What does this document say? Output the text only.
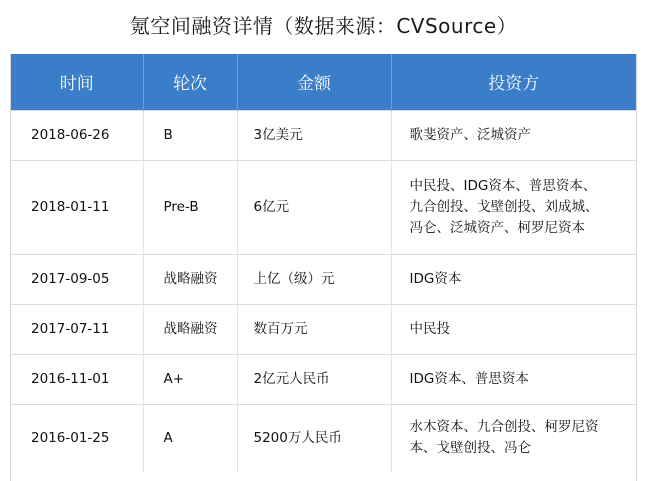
氪空间融资详情（数据来源：CVSource）
时间	轮次	金额	投资方
2018-06-26	B	3亿美元	歌斐资产、泛城资产

2018-01-11	Pre-B	6亿元	中民投、IDG资本、普思资本、
九合创投、戈壁创投、刘成城、
冯仑、泛城资产、柯罗尼资本

2017-09-05	战略融资	上亿（级）元	IDG资本

2017-07-11	战略融资	数百万元	中民投

2016-11-01	A+	2亿元人民币	IDG资本、普思资本

2016-01-25	A	5200万人民币	水木资本、九合创投、柯罗尼资
本、戈壁创投、冯仑
